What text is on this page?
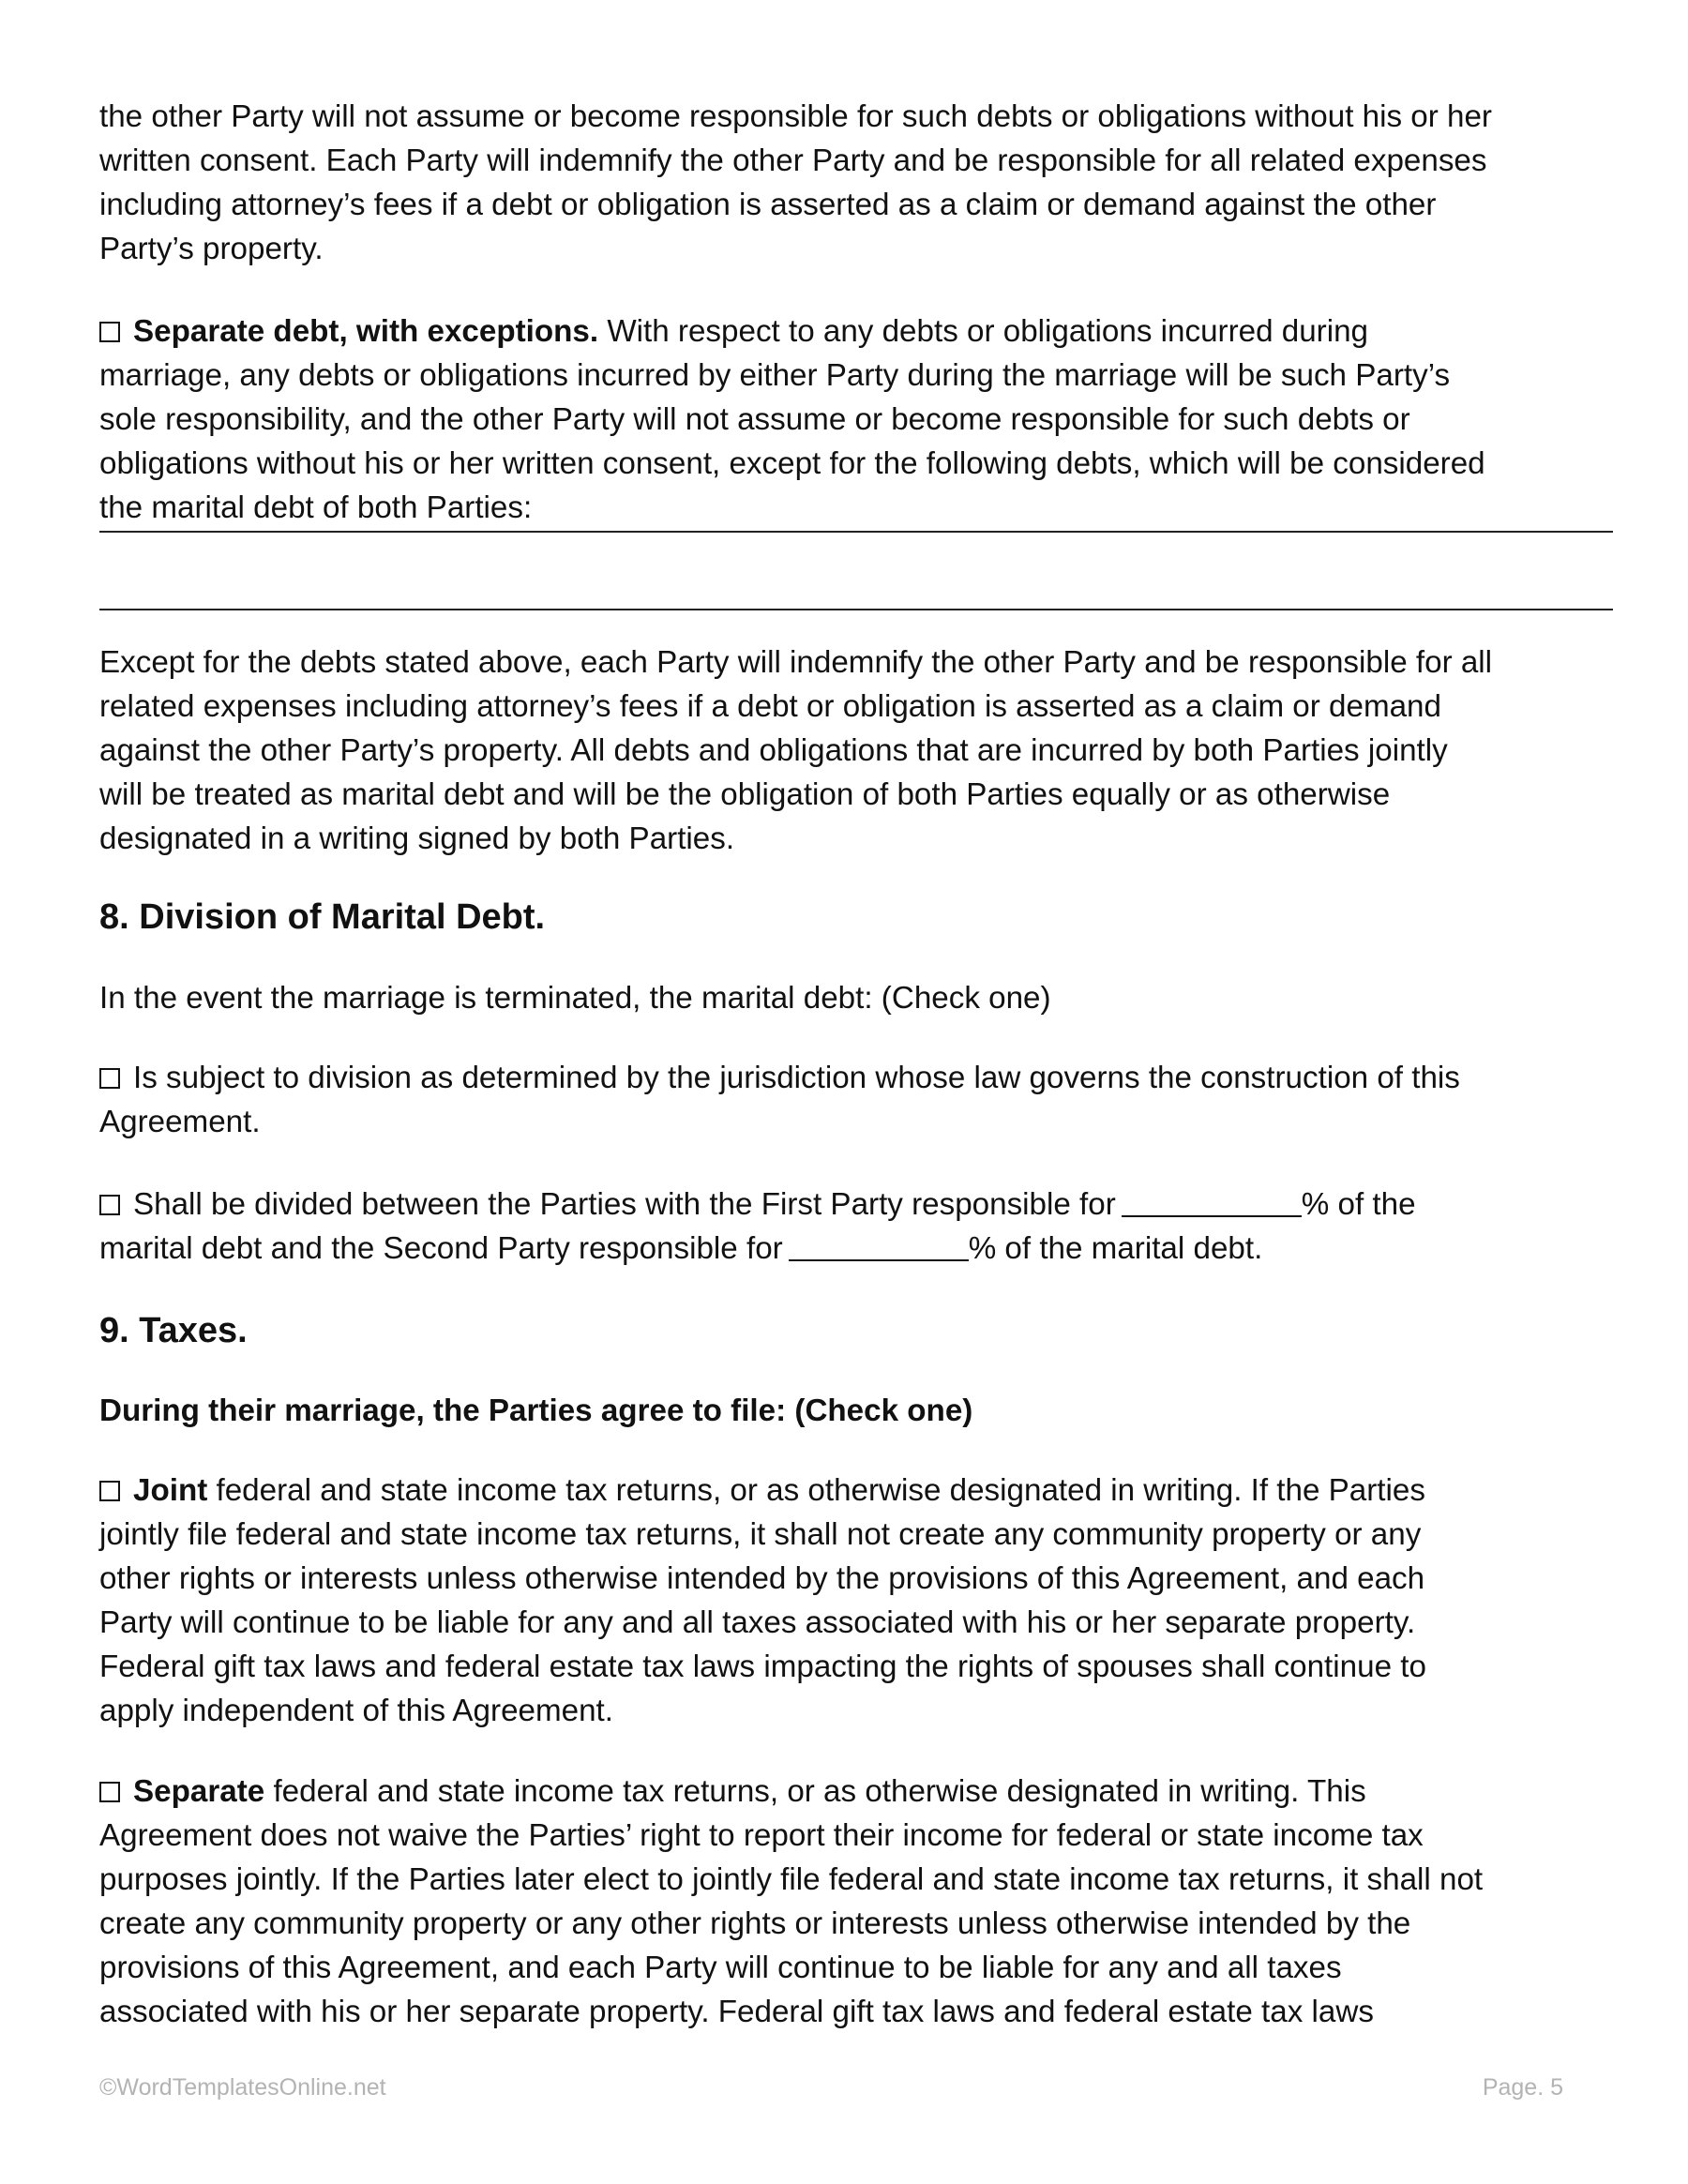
the other Party will not assume or become responsible for such debts or obligations without his or her

written consent. Each Party will indemnify the other Party and be responsible for all related expenses

including attorney’s fees if a debt or obligation is asserted as a claim or demand against the other

Party’s property.

Separate debt, with exceptions. With respect to any debts or obligations incurred during

marriage, any debts or obligations incurred by either Party during the marriage will be such Party’s

sole responsibility, and the other Party will not assume or become responsible for such debts or

obligations without his or her written consent, except for the following debts, which will be considered

the marital debt of both Parties:

Except for the debts stated above, each Party will indemnify the other Party and be responsible for all

related expenses including attorney’s fees if a debt or obligation is asserted as a claim or demand

against the other Party’s property. All debts and obligations that are incurred by both Parties jointly

will be treated as marital debt and will be the obligation of both Parties equally or as otherwise

designated in a writing signed by both Parties.

8. Division of Marital Debt.

In the event the marriage is terminated, the marital debt: (Check one)

Is subject to division as determined by the jurisdiction whose law governs the construction of this

Agreement.

Shall be divided between the Parties with the First Party responsible for	% of the

marital debt and the Second Party responsible for	% of the marital debt.

9. Taxes.

During their marriage, the Parties agree to file: (Check one)

Joint federal and state income tax returns, or as otherwise designated in writing. If the Parties

jointly file federal and state income tax returns, it shall not create any community property or any

other rights or interests unless otherwise intended by the provisions of this Agreement, and each

Party will continue to be liable for any and all taxes associated with his or her separate property.

Federal gift tax laws and federal estate tax laws impacting the rights of spouses shall continue to

apply independent of this Agreement.

Separate federal and state income tax returns, or as otherwise designated in writing. This

Agreement does not waive the Parties’ right to report their income for federal or state income tax

purposes jointly. If the Parties later elect to jointly file federal and state income tax returns, it shall not

create any community property or any other rights or interests unless otherwise intended by the

provisions of this Agreement, and each Party will continue to be liable for any and all taxes

associated with his or her separate property. Federal gift tax laws and federal estate tax laws

©WordTemplatesOnline.net	Page. 5
